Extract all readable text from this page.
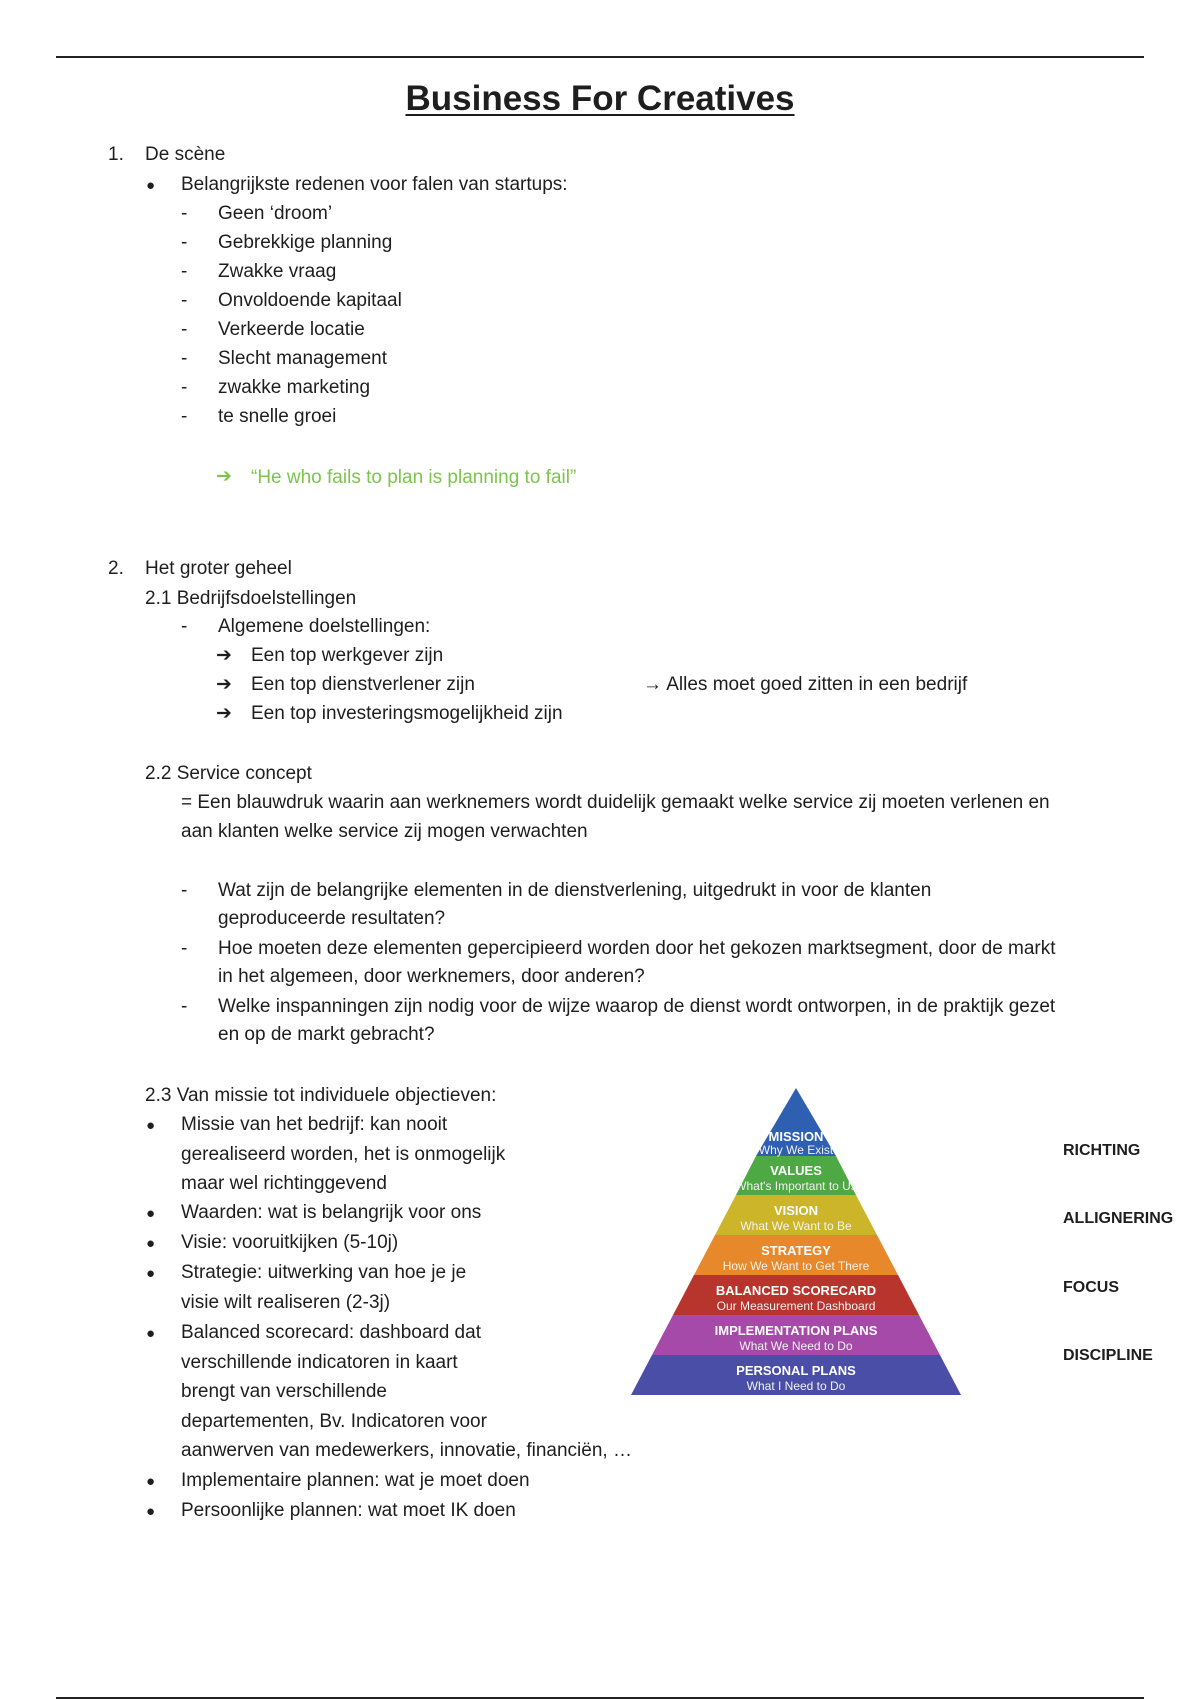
Business For Creatives
1. De scène
● Belangrijkste redenen voor falen van startups:
- Geen ‘droom’
- Gebrekkige planning
- Zwakke vraag
- Onvoldoende kapitaal
- Verkeerde locatie
- Slecht management
- zwakke marketing
- te snelle groei
➔ “He who fails to plan is planning to fail”
2. Het groter geheel
2.1 Bedrijfsdoelstellingen
- Algemene doelstellingen:
➔ Een top werkgever zijn
➔ Een top dienstverlener zijn
➔ Een top investeringsmogelijkheid zijn
→ Alles moet goed zitten in een bedrijf
2.2 Service concept
= Een blauwdruk waarin aan werknemers wordt duidelijk gemaakt welke service zij moeten verlenen en
aan klanten welke service zij mogen verwachten
- Wat zijn de belangrijke elementen in de dienstverlening, uitgedrukt in voor de klanten
geproduceerde resultaten?
- Hoe moeten deze elementen gepercipieerd worden door het gekozen marktsegment, door de markt
in het algemeen, door werknemers, door anderen?
- Welke inspanningen zijn nodig voor de wijze waarop de dienst wordt ontworpen, in de praktijk gezet
en op de markt gebracht?
2.3 Van missie tot individuele objectieven:
● Missie van het bedrijf: kan nooit
gerealiseerd worden, het is onmogelijk
maar wel richtinggevend
● Waarden: wat is belangrijk voor ons
● Visie: vooruitkijken (5-10j)
● Strategie: uitwerking van hoe je je
visie wilt realiseren (2-3j)
● Balanced scorecard: dashboard dat
verschillende indicatoren in kaart
brengt van verschillende
departementen, Bv. Indicatoren voor
aanwerven van medewerkers, innovatie, financiën, …
● Implementaire plannen: wat je moet doen
● Persoonlijke plannen: wat moet IK doen
MISSION
Why We Exist
VALUES
What's Important to Us
VISION
What We Want to Be
STRATEGY
How We Want to Get There
BALANCED SCORECARD
Our Measurement Dashboard
IMPLEMENTATION PLANS
What We Need to Do
PERSONAL PLANS
What I Need to Do
RICHTING
ALLIGNERING
FOCUS
DISCIPLINE
